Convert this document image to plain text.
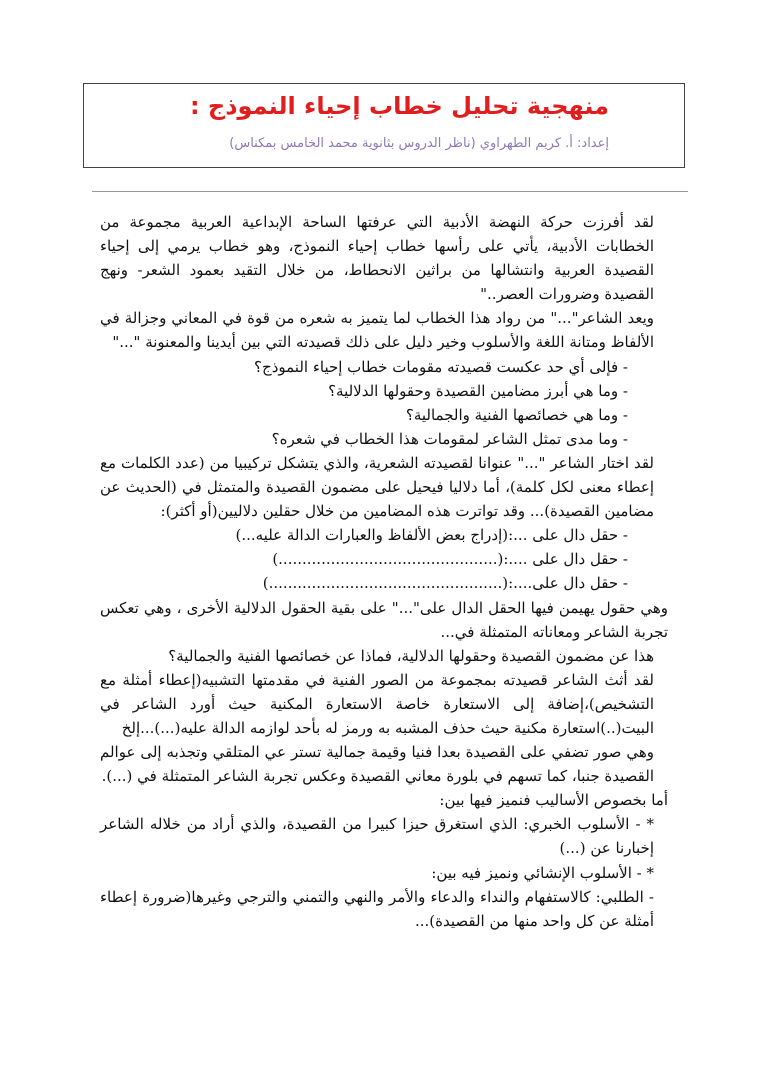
منهجية تحليل خطاب إحياء النموذج :
إعداد: أ. كريم الطهراوي (ناظر الدروس بثانوية محمد الخامس بمكناس)

لقد أفرزت حركة النهضة الأدبية التي عرفتها الساحة الإبداعية العربية مجموعة من الخطابات الأدبية، يأتي على رأسها خطاب إحياء النموذج، وهو خطاب يرمي إلى إحياء القصيدة العربية وانتشالها من براثين الانحطاط، من خلال التقيد بعمود الشعر- ونهج القصيدة وضرورات العصر.."

ويعد الشاعر"..." من رواد هذا الخطاب لما يتميز به شعره من قوة في المعاني وجزالة في الألفاظ ومتانة اللغة والأسلوب وخير دليل على ذلك قصيدته التي بين أيدينا والمعنونة "..."

- فإلى أي حد عكست قصيدته مقومات خطاب إحياء النموذج؟

- وما هي أبرز مضامين القصيدة وحقولها الدلالية؟

- وما هي خصائصها الفنية والجمالية؟

- وما مدى تمثل الشاعر لمقومات هذا الخطاب في شعره؟

لقد اختار الشاعر "..." عنوانا لقصيدته الشعرية، والذي يتشكل تركيبيا من (عدد الكلمات مع إعطاء معنى لكل كلمة)، أما دلاليا فيحيل على مضمون القصيدة والمتمثل في (الحديث عن مضامين القصيدة)... وقد تواترت هذه المضامين من خلال حقلين دلاليين(أو أكثر):

- حقل دال على ...:(إدراج بعض الألفاظ والعبارات الدالة عليه...)

- حقل دال على ....:(..............................................)

- حقل دال على....:(.................................................)

وهي حقول يهيمن فيها الحقل الدال على"..." على بقية الحقول الدلالية الأخرى ، وهي تعكس تجربة الشاعر ومعاناته المتمثلة في...

هذا عن مضمون القصيدة وحقولها الدلالية، فماذا عن خصائصها الفنية والجمالية؟

لقد أثث الشاعر قصيدته بمجموعة من الصور الفنية في مقدمتها التشبيه(إعطاء أمثلة مع التشخيص)،إضافة إلى الاستعارة خاصة الاستعارة المكنية حيث أورد الشاعر في البيت(..)استعارة مكنية حيث حذف المشبه به ورمز له بأحد لوازمه الدالة عليه(...)...إلخ

وهي صور تضفي على القصيدة بعدا فنيا وقيمة جمالية تستر عي المتلقي وتجذبه إلى عوالم القصيدة جنبا، كما تسهم في بلورة معاني القصيدة وعكس تجربة الشاعر المتمثلة في (...).

أما بخصوص الأساليب فنميز فيها بين:

* - الأسلوب الخبري: الذي استغرق حيزا كبيرا من القصيدة، والذي أراد من خلاله الشاعر إخبارنا عن (...)

* - الأسلوب الإنشائي ونميز فيه بين:

- الطلبي: كالاستفهام والنداء والدعاء والأمر والنهي والتمني والترجي وغيرها(ضرورة إعطاء أمثلة عن كل واحد منها من القصيدة)...
